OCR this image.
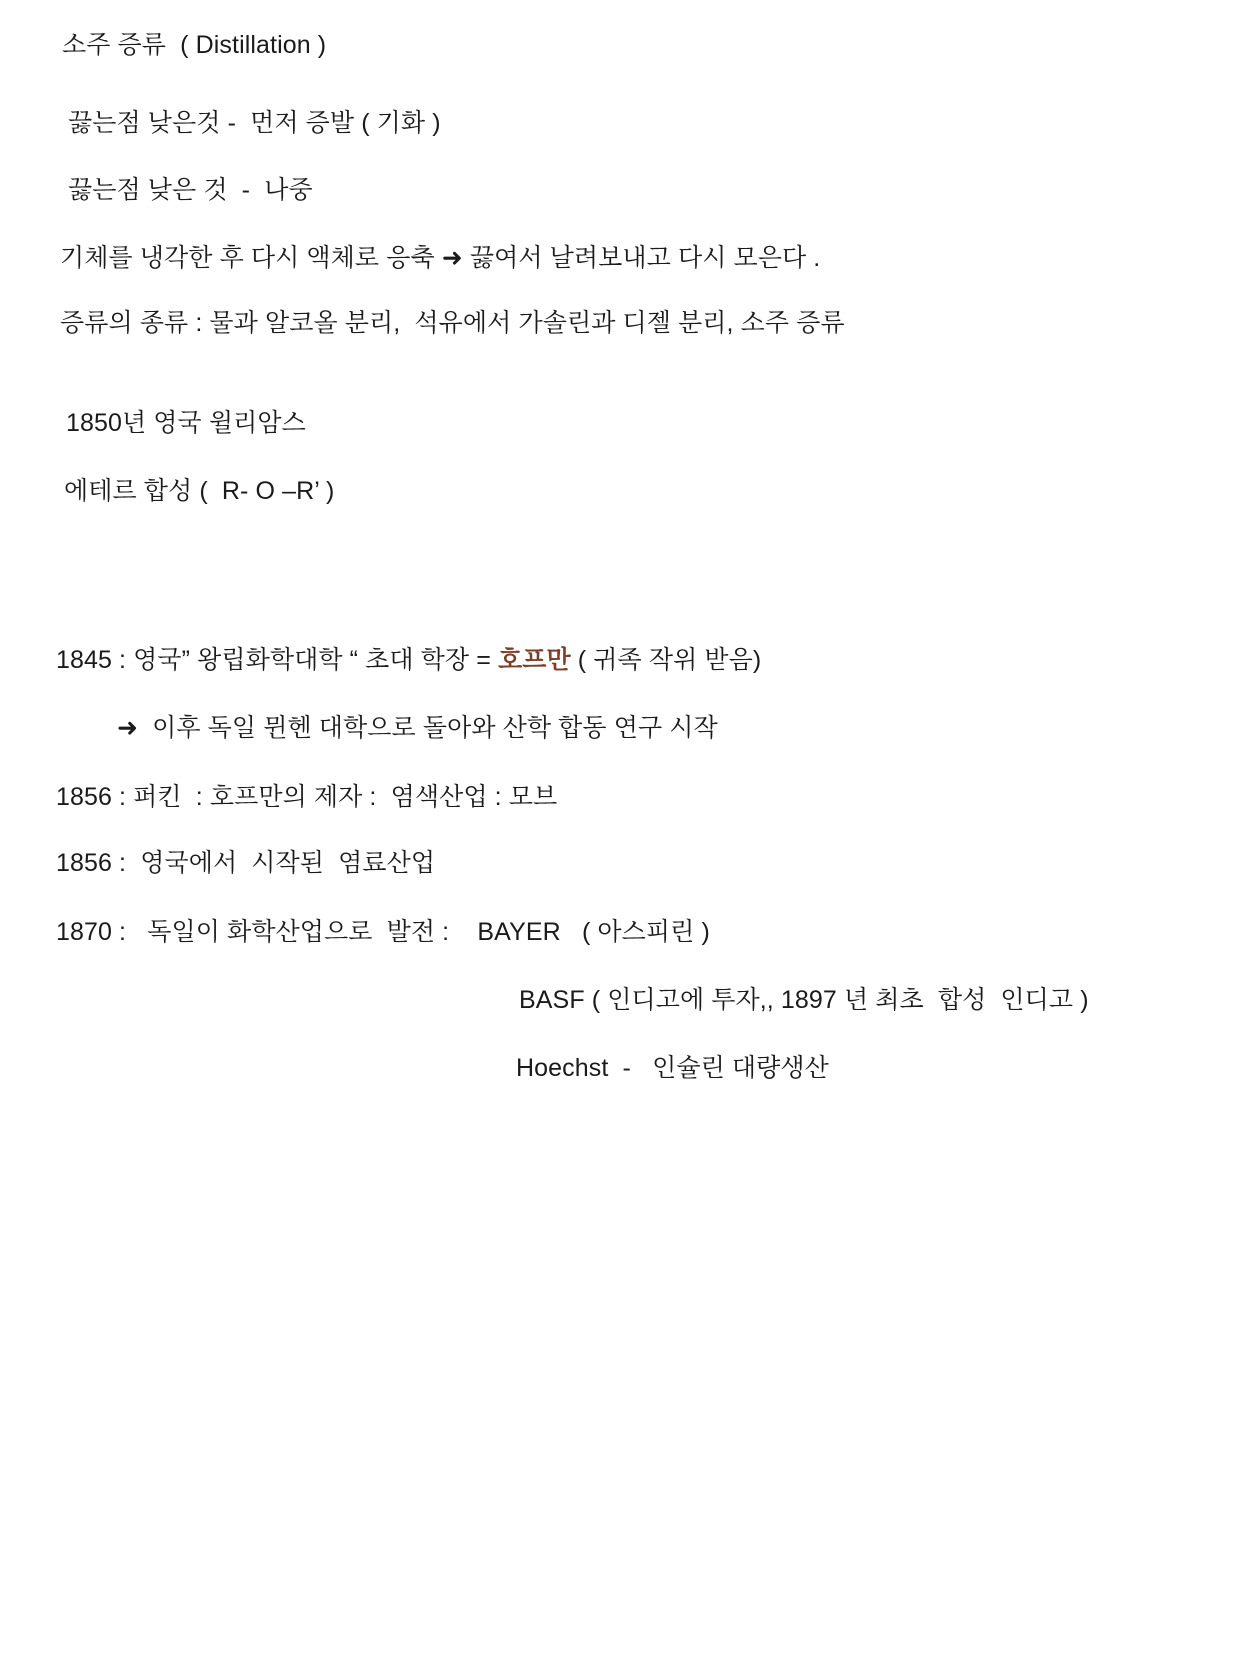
소주 증류  ( Distillation )
끓는점 낮은것 -  먼저 증발 ( 기화 )
끓는점 낮은 것  -  나중
기체를 냉각한 후 다시 액체로 응축 ➜ 끓여서 날려보내고 다시 모은다 .
증류의 종류 : 물과 알코올 분리,  석유에서 가솔린과 디젤 분리, 소주 증류
1850년 영국 윌리암스
에테르 합성 (  R- O –R’ )
1845 : 영국” 왕립화학대학 “ 초대 학장 = 호프만 ( 귀족 작위 받음)
➜  이후 독일 뮌헨 대학으로 돌아와 산학 합동 연구 시작
1856 : 퍼킨  : 호프만의 제자 :  염색산업 : 모브
1856 :  영국에서  시작된  염료산업
1870 :   독일이 화학산업으로  발전 :    BAYER   ( 아스피린 )
BASF ( 인디고에 투자,, 1897 년 최초  합성  인디고 )
Hoechst  -   인슐린 대량생산
